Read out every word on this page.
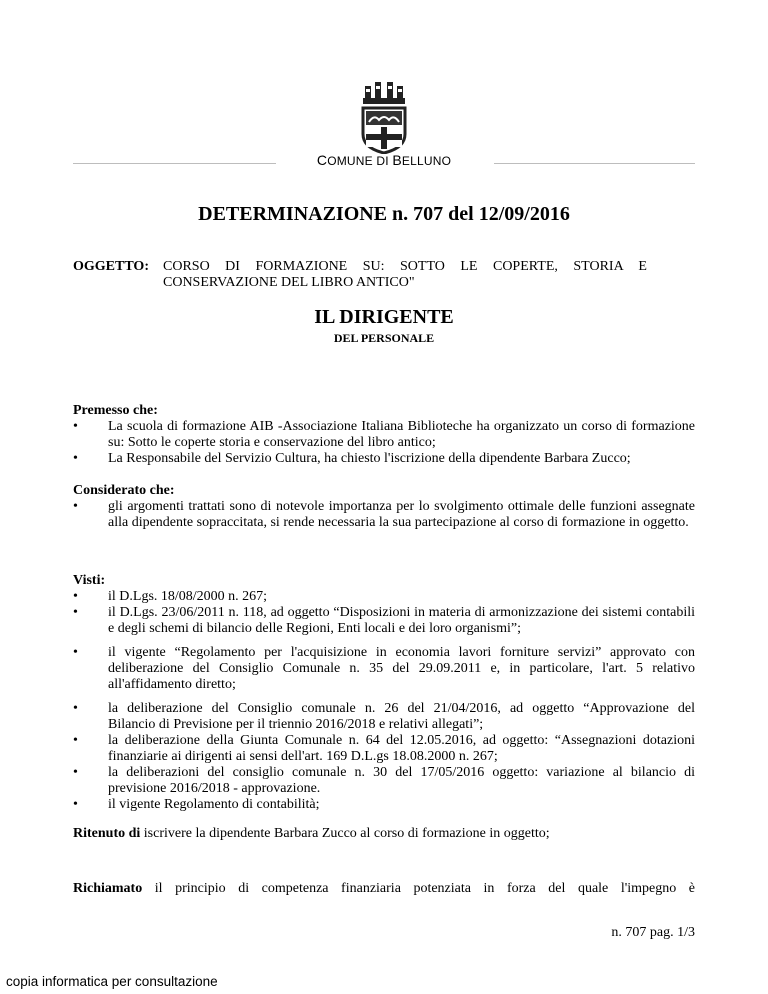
COMUNE DI BELLUNO
DETERMINAZIONE n. 707 del 12/09/2016
OGGETTO: CORSO DI FORMAZIONE SU: SOTTO LE COPERTE, STORIA E
CONSERVAZIONE DEL LIBRO ANTICO"
IL DIRIGENTE
DEL PERSONALE
Premesso che:
• La scuola di formazione AIB -Associazione Italiana Biblioteche ha organizzato un corso di formazione su: Sotto le coperte storia e conservazione del libro antico;
• La Responsabile del Servizio Cultura, ha chiesto l'iscrizione della dipendente Barbara Zucco;
Considerato che:
• gli argomenti trattati sono di notevole importanza per lo svolgimento ottimale delle funzioni assegnate alla dipendente sopraccitata, si rende necessaria la sua partecipazione al corso di formazione in oggetto.
Visti:
• il D.Lgs. 18/08/2000 n. 267;
• il D.Lgs. 23/06/2011 n. 118, ad oggetto “Disposizioni in materia di armonizzazione dei sistemi contabili e degli schemi di bilancio delle Regioni, Enti locali e dei loro organismi”;
• il vigente “Regolamento per l'acquisizione in economia lavori forniture servizi” approvato con deliberazione del Consiglio Comunale n. 35 del 29.09.2011 e, in particolare, l'art. 5 relativo all'affidamento diretto;
• la deliberazione del Consiglio comunale n. 26 del 21/04/2016, ad oggetto “Approvazione del      Bilancio di Previsione per il triennio 2016/2018 e relativi allegati”;
• la deliberazione della Giunta Comunale n. 64 del 12.05.2016, ad oggetto: “Assegnazioni dotazioni finanziarie ai dirigenti ai sensi dell'art. 169 D.L.gs 18.08.2000 n. 267;
• la deliberazioni del consiglio comunale n. 30 del 17/05/2016 oggetto: variazione al bilancio di previsione 2016/2018 - approvazione.
• il vigente Regolamento di contabilità;
Ritenuto di iscrivere la dipendente Barbara Zucco al corso di formazione in oggetto;
Richiamato il principio di competenza finanziaria potenziata in forza del quale l'impegno è
n. 707 pag. 1/3
copia informatica per consultazione
